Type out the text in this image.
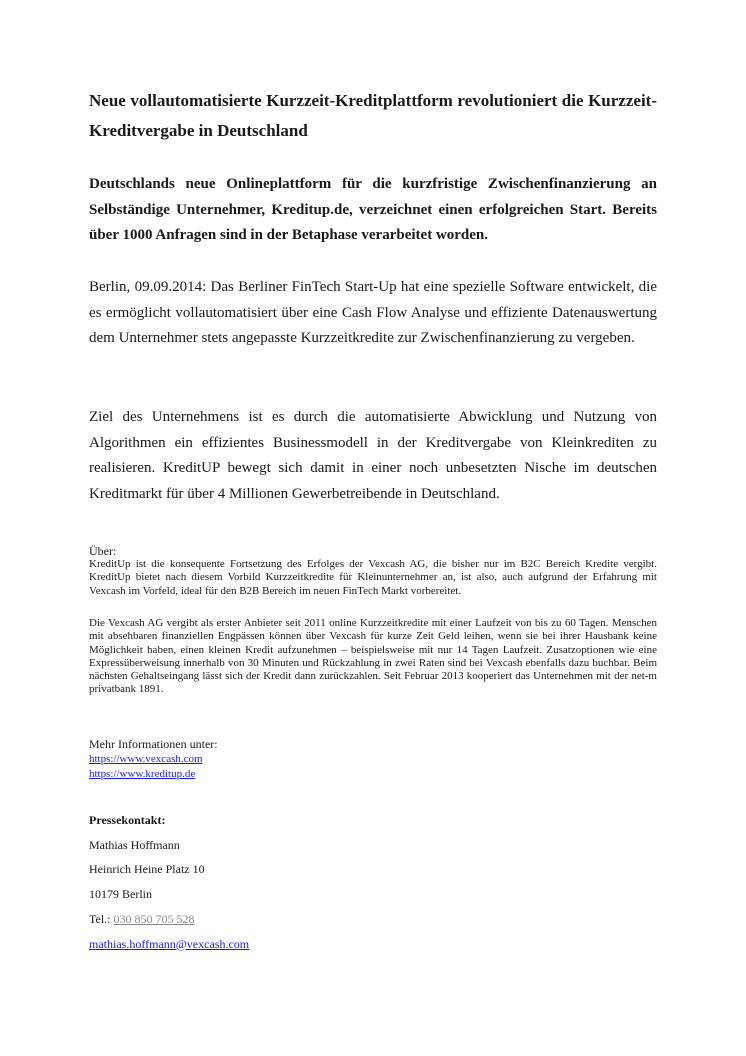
Neue vollautomatisierte Kurzzeit-Kreditplattform revolutioniert die Kurzzeit-Kreditvergabe in Deutschland
Deutschlands neue Onlineplattform für die kurzfristige Zwischenfinanzierung an Selbständige Unternehmer, Kreditup.de, verzeichnet einen erfolgreichen Start. Bereits über 1000 Anfragen sind in der Betaphase verarbeitet worden.

Berlin, 09.09.2014: Das Berliner FinTech Start-Up hat eine spezielle Software entwickelt, die es ermöglicht vollautomatisiert über eine Cash Flow Analyse und effiziente Datenauswertung dem Unternehmer stets angepasste Kurzzeitkredite zur Zwischenfinanzierung zu vergeben.

Ziel des Unternehmens ist es durch die automatisierte Abwicklung und Nutzung von Algorithmen ein effizientes Businessmodell in der Kreditvergabe von Kleinkrediten zu realisieren. KreditUP bewegt sich damit in einer noch unbesetzten Nische im deutschen Kreditmarkt für über 4 Millionen Gewerbetreibende in Deutschland.

Über:

KreditUp ist die konsequente Fortsetzung des Erfolges der Vexcash AG, die bisher nur im B2C Bereich Kredite vergibt. KreditUp bietet nach diesem Vorbild Kurzzeitkredite für Kleinunternehmer an, ist also, auch aufgrund der Erfahrung mit Vexcash im Vorfeld, ideal für den B2B Bereich im neuen FinTech Markt vorbereitet.

Die Vexcash AG vergibt als erster Anbieter seit 2011 online Kurzzeitkredite mit einer Laufzeit von bis zu 60 Tagen. Menschen mit absehbaren finanziellen Engpässen können über Vexcash für kurze Zeit Geld leihen, wenn sie bei ihrer Hausbank keine Möglichkeit haben, einen kleinen Kredit aufzunehmen – beispielsweise mit nur 14 Tagen Laufzeit. Zusatzoptionen wie eine Expressüberweisung innerhalb von 30 Minuten und Rückzahlung in zwei Raten sind bei Vexcash ebenfalls dazu buchbar. Beim nächsten Gehaltseingang lässt sich der Kredit dann zurückzahlen. Seit Februar 2013 kooperiert das Unternehmen mit der net-m privatbank 1891.

Mehr Informationen unter:
https://www.vexcash.com
https://www.kreditup.de
Pressekontakt:
Mathias Hoffmann
Heinrich Heine Platz 10
10179 Berlin
Tel.: 030 850 705 528
mathias.hoffmann@vexcash.com
